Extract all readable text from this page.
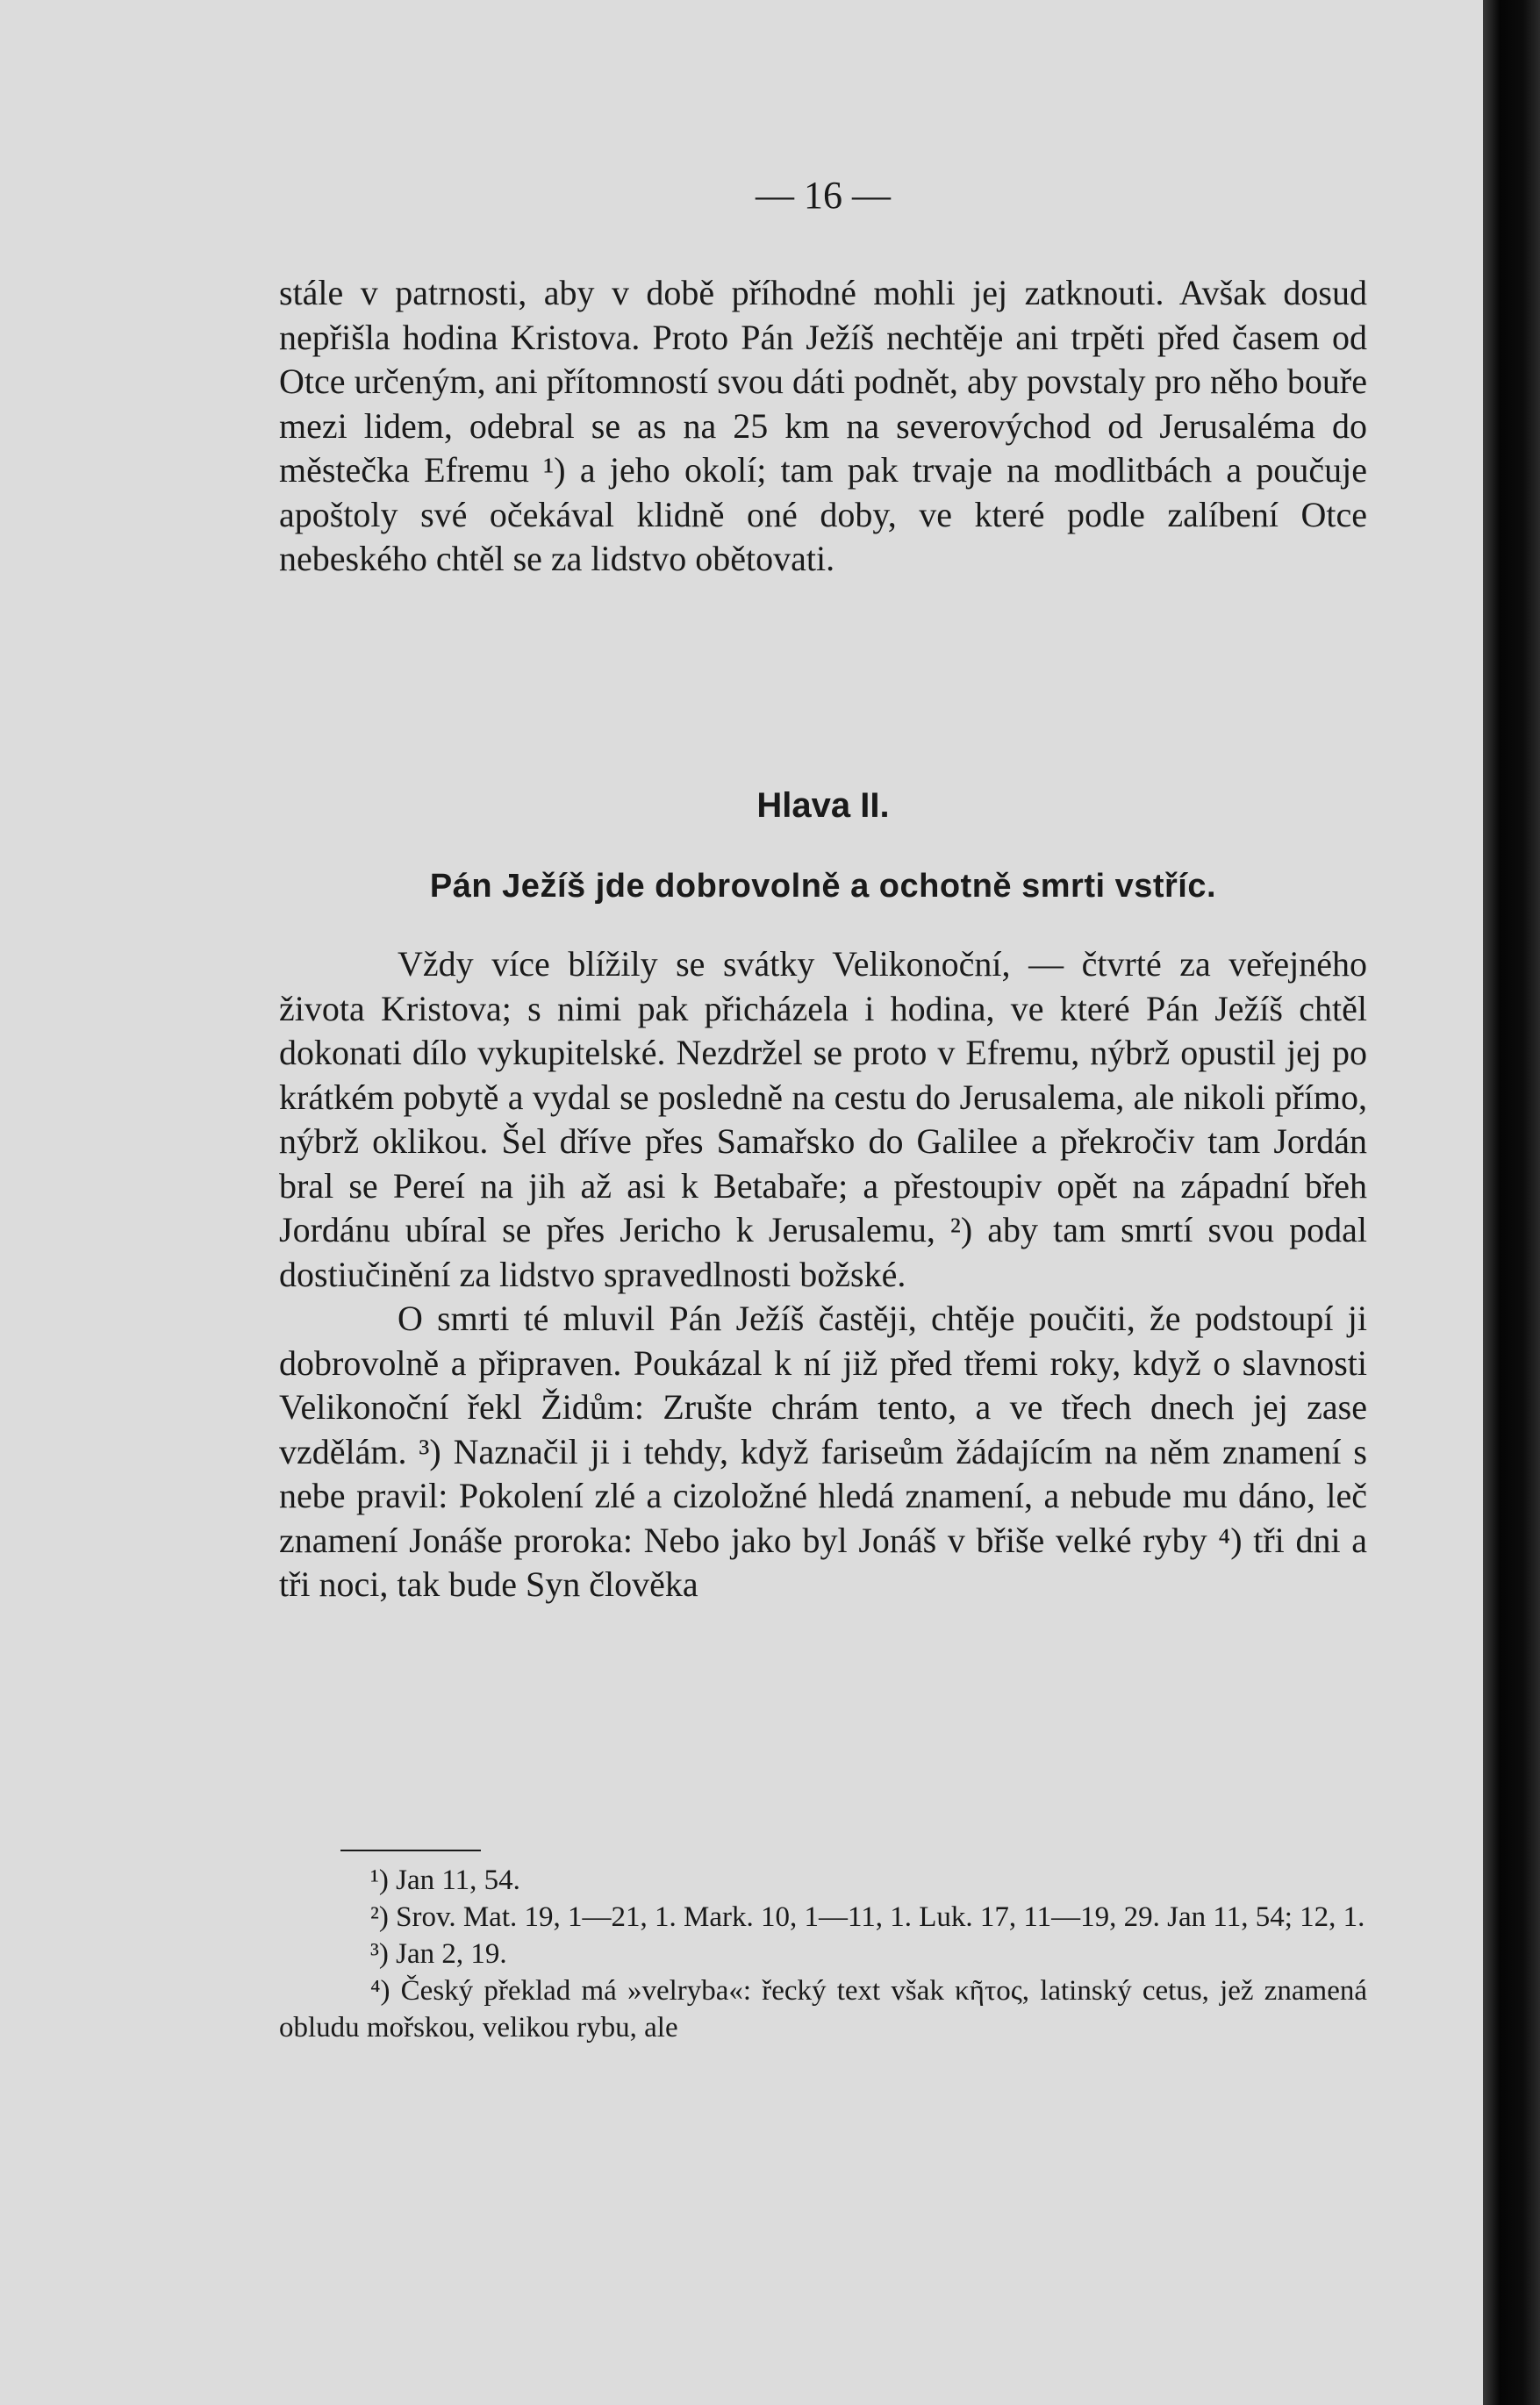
— 16 —

stále v patrnosti, aby v době příhodné mohli jej zatknouti. Avšak dosud nepřišla hodina Kristova. Proto Pán Ježíš nechtěje ani trpěti před časem od Otce určeným, ani přítomností svou dáti podnět, aby povstaly pro něho bouře mezi lidem, odebral se as na 25 km na severovýchod od Jerusaléma do městečka Efremu ¹) a jeho okolí; tam pak trvaje na modlitbách a poučuje apoštoly své očekával klidně oné doby, ve které podle zalíbení Otce nebeského chtěl se za lidstvo obětovati.

Hlava II.
Pán Ježíš jde dobrovolně a ochotně smrti vstříc.

Vždy více blížily se svátky Velikonoční, — čtvrté za veřejného života Kristova; s nimi pak přicházela i hodina, ve které Pán Ježíš chtěl dokonati dílo vykupitelské. Nezdržel se proto v Efremu, nýbrž opustil jej po krátkém pobytě a vydal se posledně na cestu do Jerusalema, ale nikoli přímo, nýbrž oklikou. Šel dříve přes Samařsko do Galilee a překročiv tam Jordán bral se Pereí na jih až asi k Betabaře; a přestoupiv opět na západní břeh Jordánu ubíral se přes Jericho k Jerusalemu, ²) aby tam smrtí svou podal dostiučinění za lidstvo spravedlnosti božské.

O smrti té mluvil Pán Ježíš častěji, chtěje poučiti, že podstoupí ji dobrovolně a připraven. Poukázal k ní již před třemi roky, když o slavnosti Velikonoční řekl Židům: Zrušte chrám tento, a ve třech dnech jej zase vzdělám. ³) Naznačil ji i tehdy, když fariseům žádajícím na něm znamení s nebe pravil: Pokolení zlé a cizoložné hledá znamení, a nebude mu dáno, leč znamení Jonáše proroka: Nebo jako byl Jonáš v břiše velké ryby ⁴) tři dni a tři noci, tak bude Syn člověka

¹) Jan 11, 54.

²) Srov. Mat. 19, 1—21, 1. Mark. 10, 1—11, 1. Luk. 17, 11—19, 29. Jan 11, 54; 12, 1.

³) Jan 2, 19.

⁴) Český překlad má »velryba«: řecký text však κῆτος, latinský cetus, jež znamená obludu mořskou, velikou rybu, ale
